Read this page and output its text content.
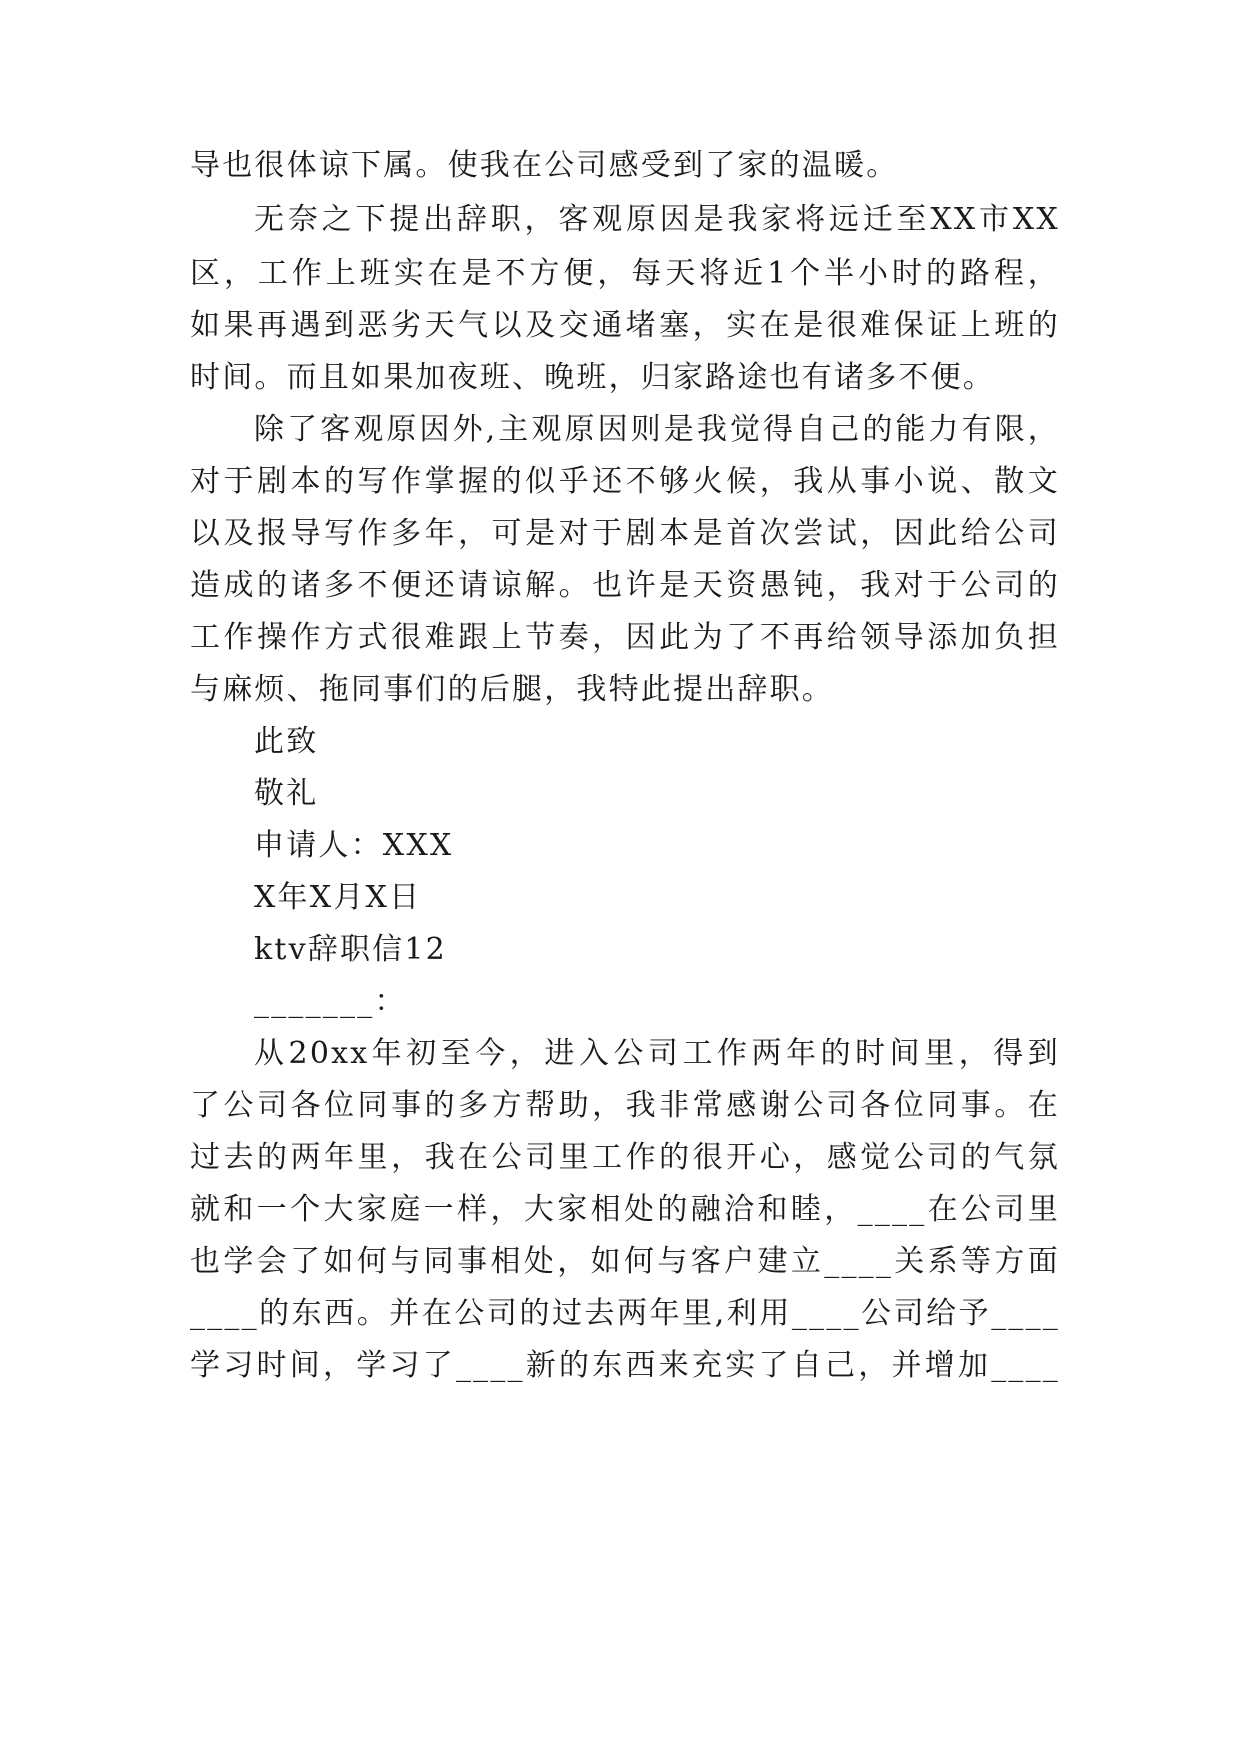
导也很体谅下属。使我在公司感受到了家的温暖。
无奈之下提出辞职，客观原因是我家将远迁至XX市XX
区，工作上班实在是不方便，每天将近1个半小时的路程，
如果再遇到恶劣天气以及交通堵塞，实在是很难保证上班的
时间。而且如果加夜班、晚班，归家路途也有诸多不便。
除了客观原因外,主观原因则是我觉得自己的能力有限，
对于剧本的写作掌握的似乎还不够火候，我从事小说、散文
以及报导写作多年，可是对于剧本是首次尝试，因此给公司
造成的诸多不便还请谅解。也许是天资愚钝，我对于公司的
工作操作方式很难跟上节奏，因此为了不再给领导添加负担
与麻烦、拖同事们的后腿，我特此提出辞职。
此致
敬礼
申请人：XXX
X年X月X日
ktv辞职信12
_______：
从20xx年初至今，进入公司工作两年的时间里，得到
了公司各位同事的多方帮助，我非常感谢公司各位同事。在
过去的两年里，我在公司里工作的很开心，感觉公司的气氛
就和一个大家庭一样，大家相处的融洽和睦，____在公司里
也学会了如何与同事相处，如何与客户建立____关系等方面
____的东西。并在公司的过去两年里,利用____公司给予____
学习时间，学习了____新的东西来充实了自己，并增加____
